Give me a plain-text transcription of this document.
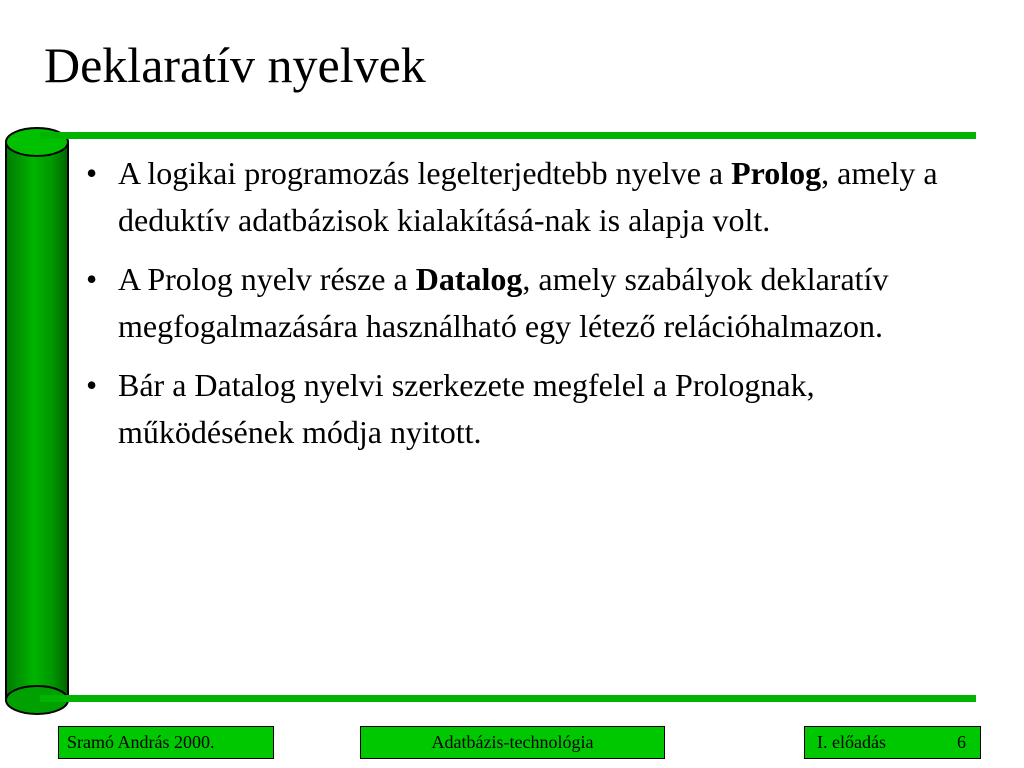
Deklaratív nyelvek
• A logikai programozás legelterjedtebb nyelve a Prolog, amely a deduktív adatbázisok kialakításá-nak is alapja volt.
• A Prolog nyelv része a Datalog, amely szabályok deklaratív megfogalmazására használható egy létező relációhalmazon.
• Bár a Datalog nyelvi szerkezete megfelel a Prolognak, működésének módja nyitott.
Sramó András 2000.	Adatbázis-technológia	I. előadás	6
